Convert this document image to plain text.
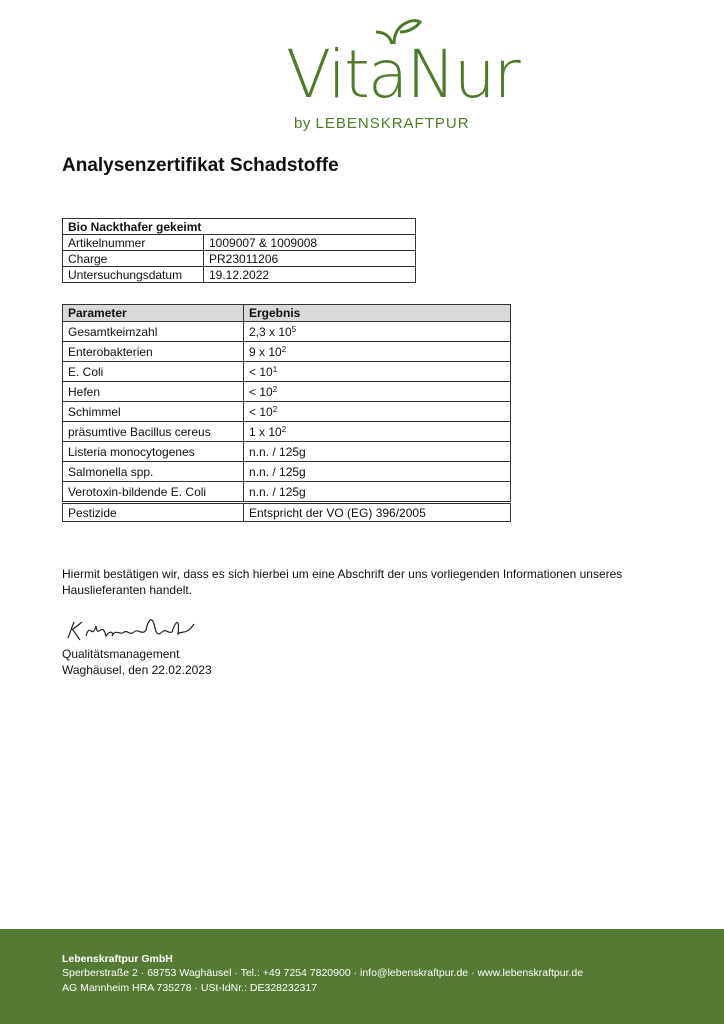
VitaNur
by LEBENSKRAFTPUR
Analysenzertifikat Schadstoffe
Bio Nackthafer gekeimt	
Artikelnummer	1009007 & 1009008
Charge	PR23011206
Untersuchungsdatum	19.12.2022
Parameter	Ergebnis
Gesamtkeimzahl	2,3 x $10^5$
Enterobakterien	9 x $10^2$
E. Coli	< $10^1$
Hefen	< $10^2$
Schimmel	< $10^2$
präsumtive Bacillus cereus	1 x $10^2$
Listeria monocytogenes	n.n. / 125g
Salmonella spp.	n.n. / 125g
Verotoxin-bildende E. Coli	n.n. / 125g
Pestizide	Entspricht der VO (EG) 396/2005
Hiermit bestätigen wir, dass es sich hierbei um eine Abschrift der uns vorliegenden Informationen unseres Hauslieferanten handelt.
Qualitätsmanagement
Waghäusel, den 22.02.2023
Lebenskraftpur GmbH
Sperberstraße 2 · 68753 Waghäusel · Tel.: +49 7254 7820900 · info@lebenskraftpur.de · www.lebenskraftpur.de
AG Mannheim HRA 735278 · USt-IdNr.: DE328232317
